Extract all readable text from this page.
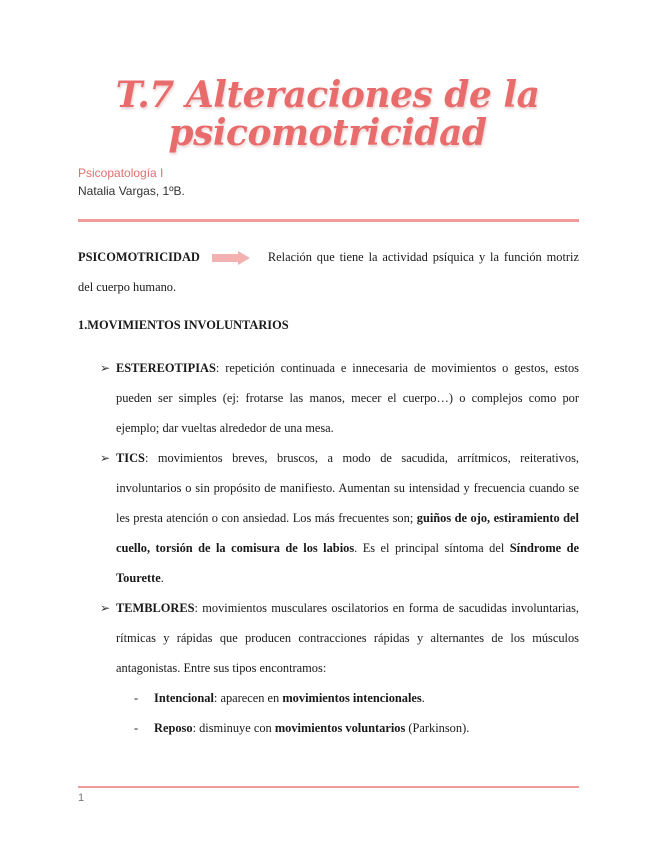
T.7 Alteraciones de la
psicomotricidad
Psicopatología I
Natalia Vargas, 1ºB.
PSICOMOTRICIDAD	Relación que tiene la actividad psíquica y la función motriz
del cuerpo humano.
1.MOVIMIENTOS INVOLUNTARIOS
➢ ESTEREOTIPIAS: repetición continuada e innecesaria de movimientos o gestos, estos pueden ser simples (ej: frotarse las manos, mecer el cuerpo…) o complejos como por ejemplo; dar vueltas alrededor de una mesa.
➢ TICS: movimientos breves, bruscos, a modo de sacudida, arrítmicos, reiterativos, involuntarios o sin propósito de manifiesto. Aumentan su intensidad y frecuencia cuando se les presta atención o con ansiedad. Los más frecuentes son; guiños de ojo, estiramiento del cuello, torsión de la comisura de los labios. Es el principal síntoma del Síndrome de Tourette.
➢ TEMBLORES: movimientos musculares oscilatorios en forma de sacudidas involuntarias, rítmicas y rápidas que producen contracciones rápidas y alternantes de los músculos antagonistas. Entre sus tipos encontramos:
- Intencional: aparecen en movimientos intencionales.
- Reposo: disminuye con movimientos voluntarios (Parkinson).
1
